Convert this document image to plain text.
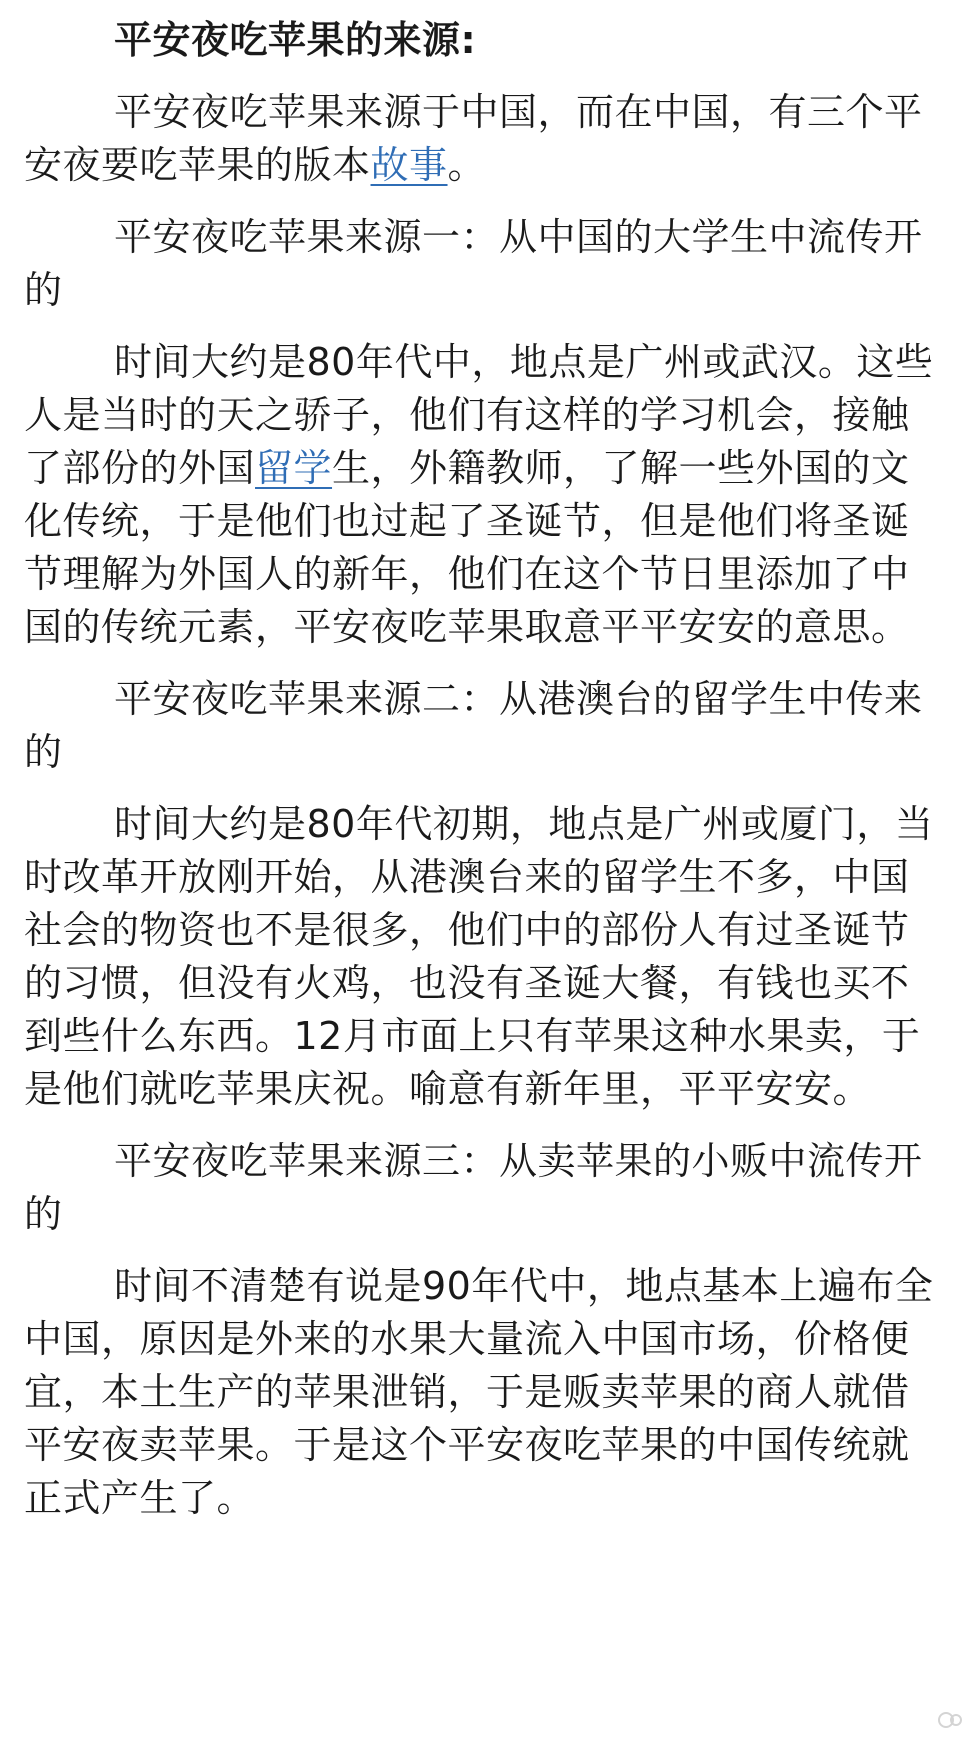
平安夜吃苹果的来源:

平安夜吃苹果来源于中国，而在中国，有三个平安夜要吃苹果的版本故事。

平安夜吃苹果来源一：从中国的大学生中流传开的

时间大约是80年代中，地点是广州或武汉。这些人是当时的天之骄子，他们有这样的学习机会，接触了部份的外国留学生，外籍教师，了解一些外国的文化传统，于是他们也过起了圣诞节，但是他们将圣诞节理解为外国人的新年，他们在这个节日里添加了中国的传统元素，平安夜吃苹果取意平平安安的意思。

平安夜吃苹果来源二：从港澳台的留学生中传来的

时间大约是80年代初期，地点是广州或厦门，当时改革开放刚开始，从港澳台来的留学生不多，中国社会的物资也不是很多，他们中的部份人有过圣诞节的习惯，但没有火鸡，也没有圣诞大餐，有钱也买不到些什么东西。12月市面上只有苹果这种水果卖，于是他们就吃苹果庆祝。喻意有新年里，平平安安。

平安夜吃苹果来源三：从卖苹果的小贩中流传开的

时间不清楚有说是90年代中，地点基本上遍布全中国，原因是外来的水果大量流入中国市场，价格便宜，本土生产的苹果泄销，于是贩卖苹果的商人就借平安夜卖苹果。于是这个平安夜吃苹果的中国传统就正式产生了。
